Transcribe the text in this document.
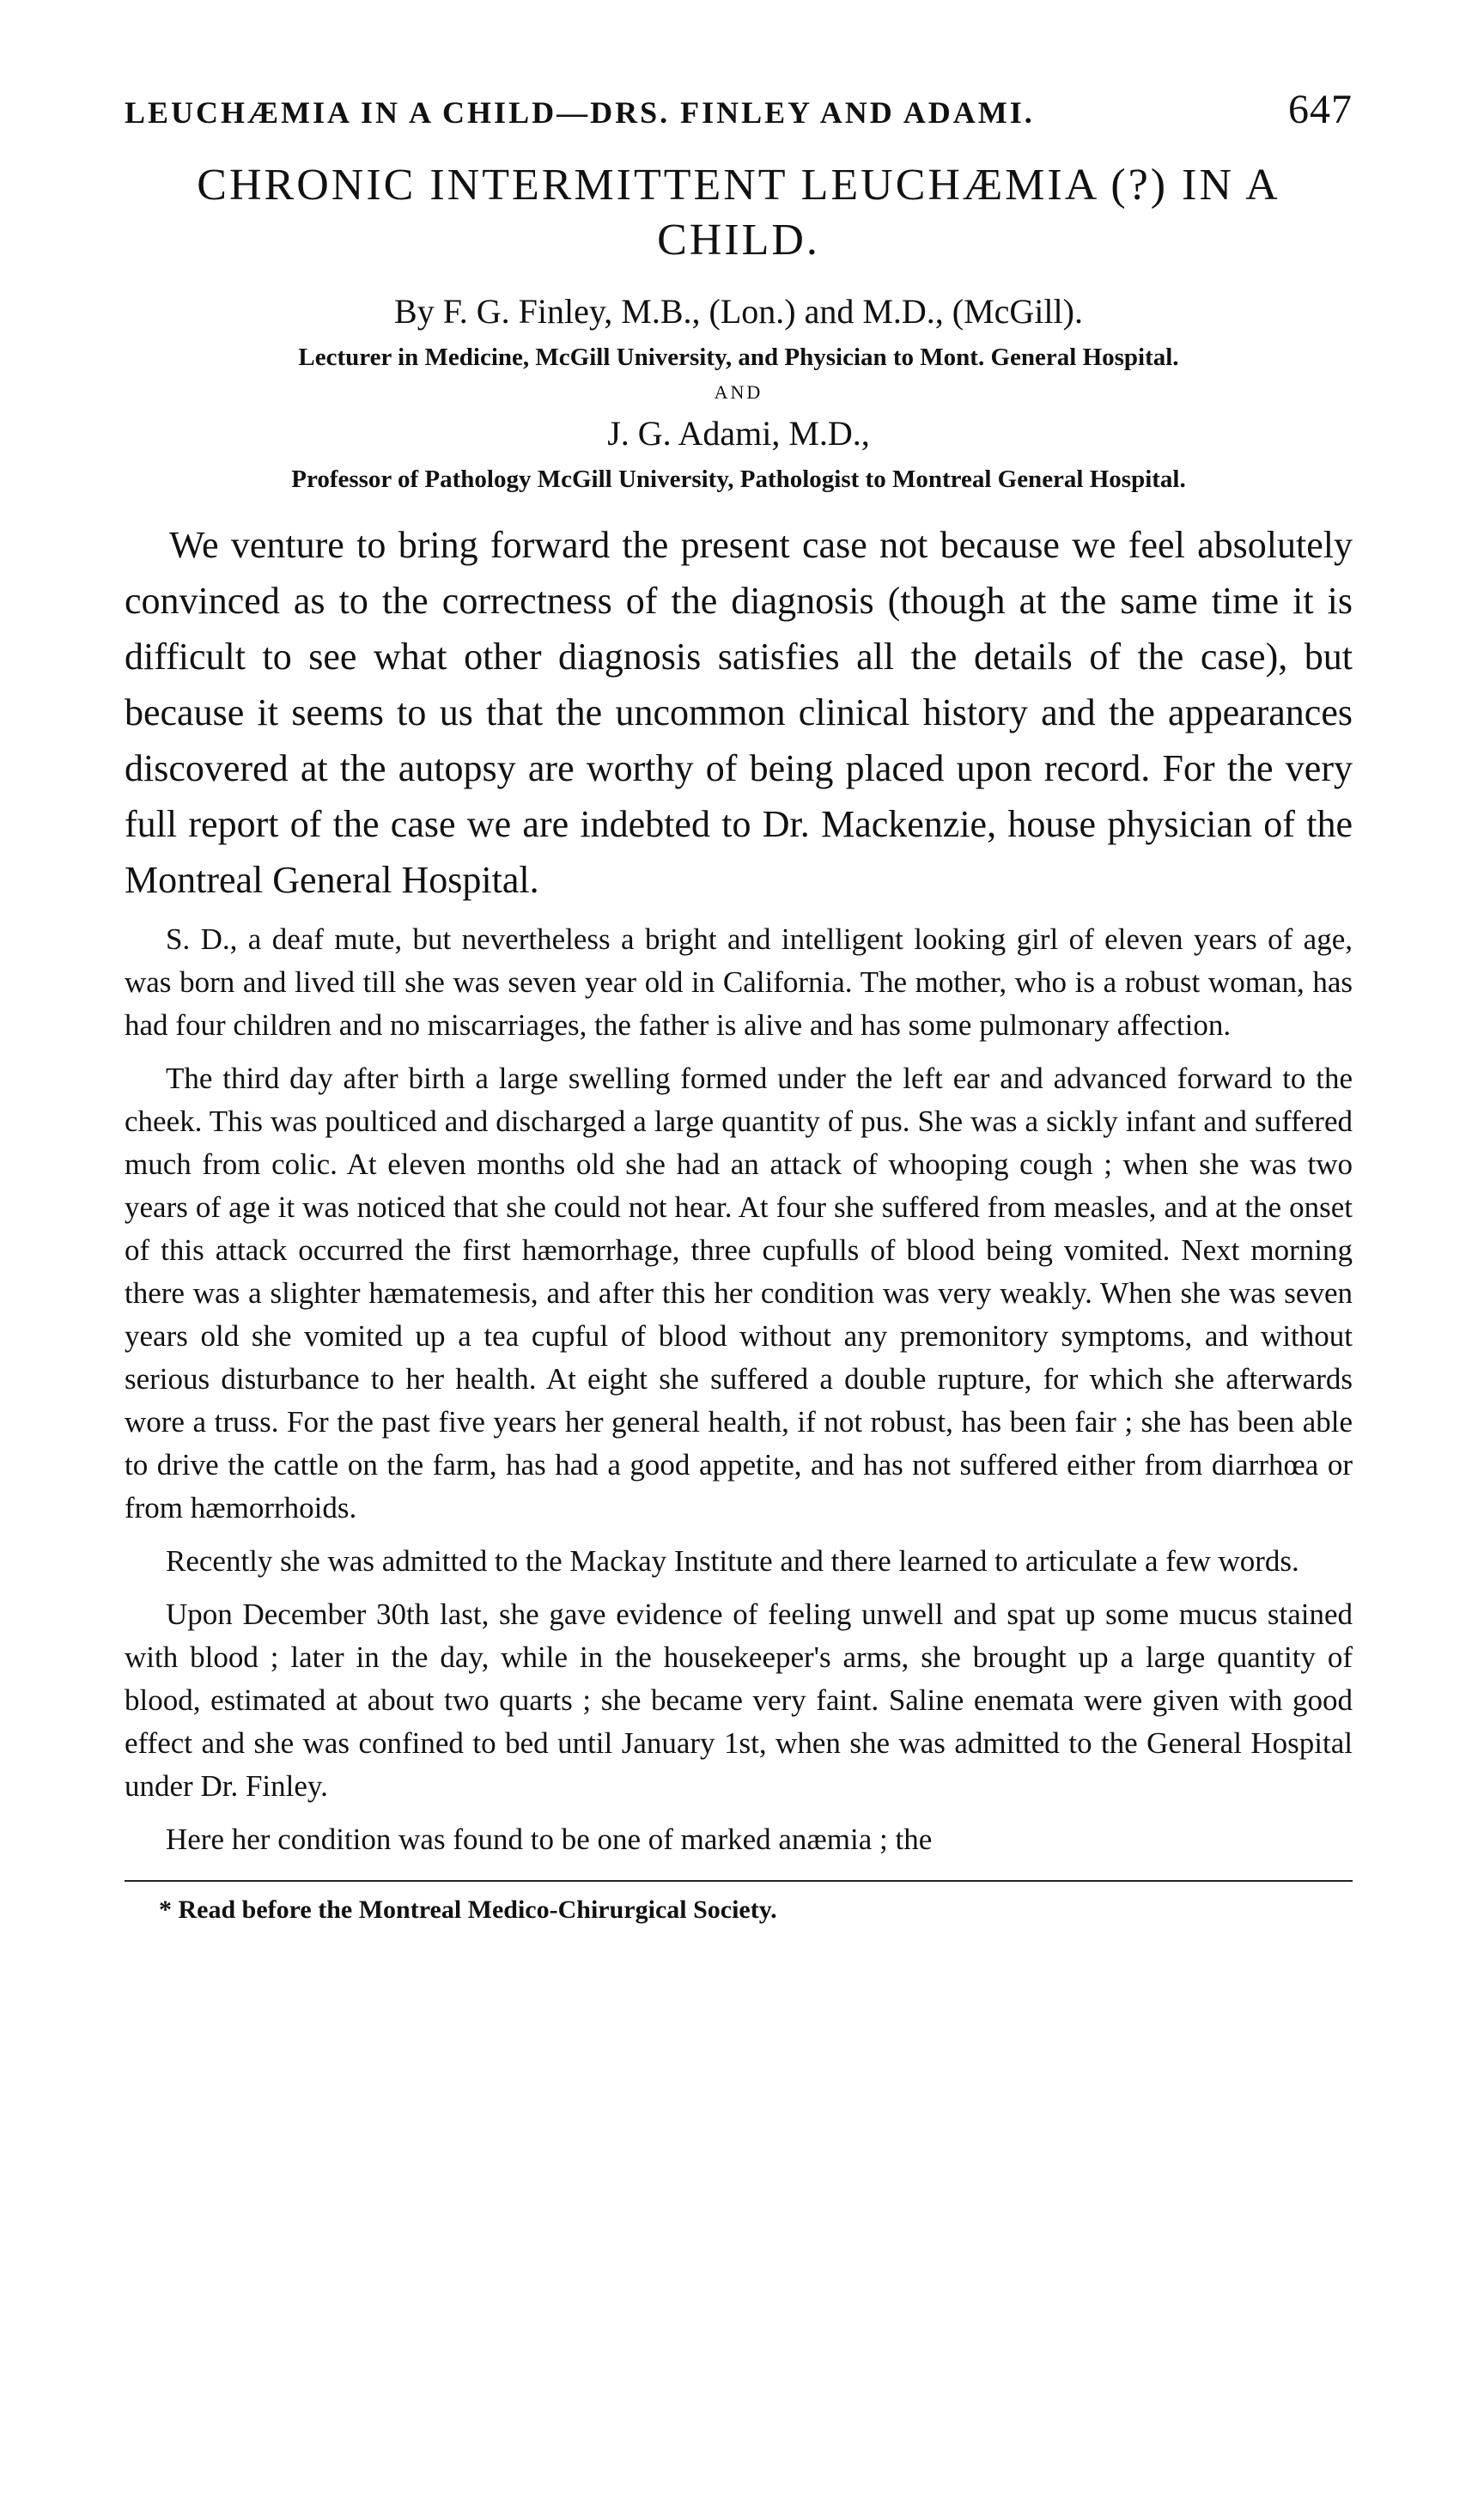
LEUCHÆMIA IN A CHILD—DRS. FINLEY AND ADAMI.	647
CHRONIC INTERMITTENT LEUCHÆMIA (?) IN A CHILD.
By F. G. Finley, M.B., (Lon.) and M.D., (McGill).
Lecturer in Medicine, McGill University, and Physician to Mont. General Hospital.
AND
J. G. Adami, M.D.,
Professor of Pathology McGill University, Pathologist to Montreal General Hospital.
We venture to bring forward the present case not because we feel absolutely convinced as to the correctness of the diagnosis (though at the same time it is difficult to see what other diagnosis satisfies all the details of the case), but because it seems to us that the uncommon clinical history and the appearances discovered at the autopsy are worthy of being placed upon record. For the very full report of the case we are indebted to Dr. Mackenzie, house physician of the Montreal General Hospital.

S. D., a deaf mute, but nevertheless a bright and intelligent looking girl of eleven years of age, was born and lived till she was seven year old in California. The mother, who is a robust woman, has had four children and no miscarriages, the father is alive and has some pulmonary affection.

The third day after birth a large swelling formed under the left ear and advanced forward to the cheek. This was poulticed and discharged a large quantity of pus. She was a sickly infant and suffered much from colic. At eleven months old she had an attack of whooping cough ; when she was two years of age it was noticed that she could not hear. At four she suffered from measles, and at the onset of this attack occurred the first hæmorrhage, three cupfulls of blood being vomited. Next morning there was a slighter hæmatemesis, and after this her condition was very weakly. When she was seven years old she vomited up a tea cupful of blood without any premonitory symptoms, and without serious disturbance to her health. At eight she suffered a double rupture, for which she afterwards wore a truss. For the past five years her general health, if not robust, has been fair ; she has been able to drive the cattle on the farm, has had a good appetite, and has not suffered either from diarrhœa or from hæmorrhoids.

Recently she was admitted to the Mackay Institute and there learned to articulate a few words.

Upon December 30th last, she gave evidence of feeling unwell and spat up some mucus stained with blood ; later in the day, while in the housekeeper's arms, she brought up a large quantity of blood, estimated at about two quarts ; she became very faint. Saline enemata were given with good effect and she was confined to bed until January 1st, when she was admitted to the General Hospital under Dr. Finley.

Here her condition was found to be one of marked anæmia ; the

* Read before the Montreal Medico-Chirurgical Society.
